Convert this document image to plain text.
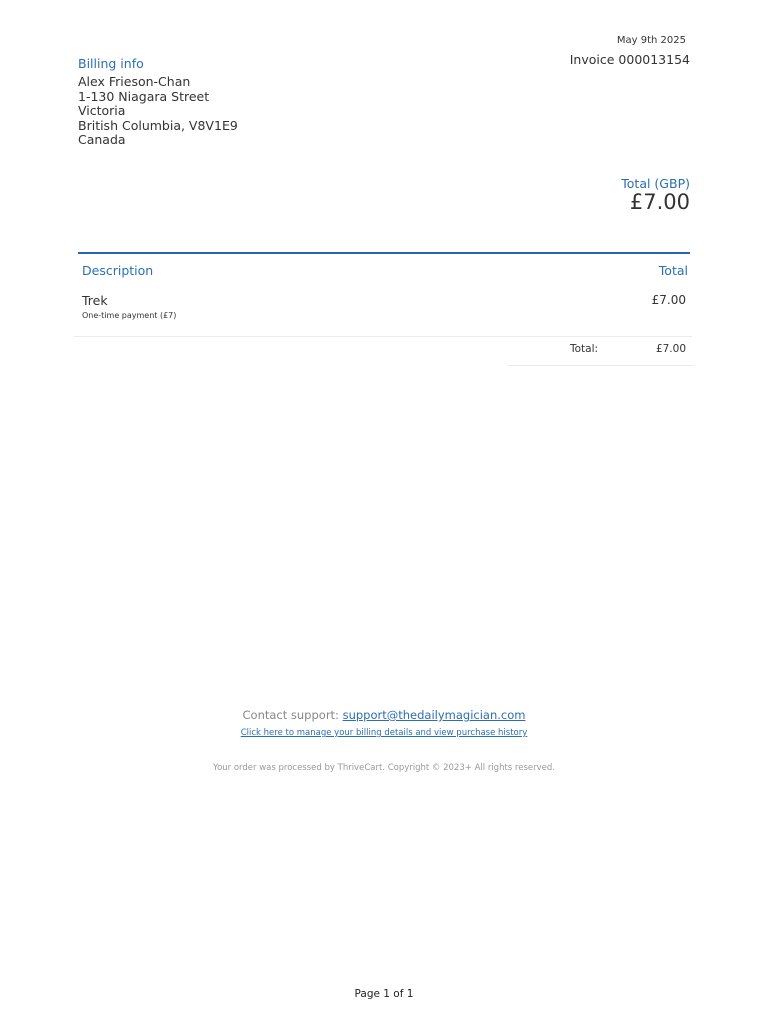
May 9th 2025
Invoice 000013154
Billing info
Alex Frieson-Chan
1-130 Niagara Street
Victoria
British Columbia, V8V1E9
Canada
Total (GBP)
£7.00
Description	Total
Trek
One-time payment (£7)
£7.00
Total:	£7.00
Contact support: support@thedailymagician.com
Click here to manage your billing details and view purchase history
Your order was processed by ThriveCart. Copyright © 2023+ All rights reserved.
Page 1 of 1
